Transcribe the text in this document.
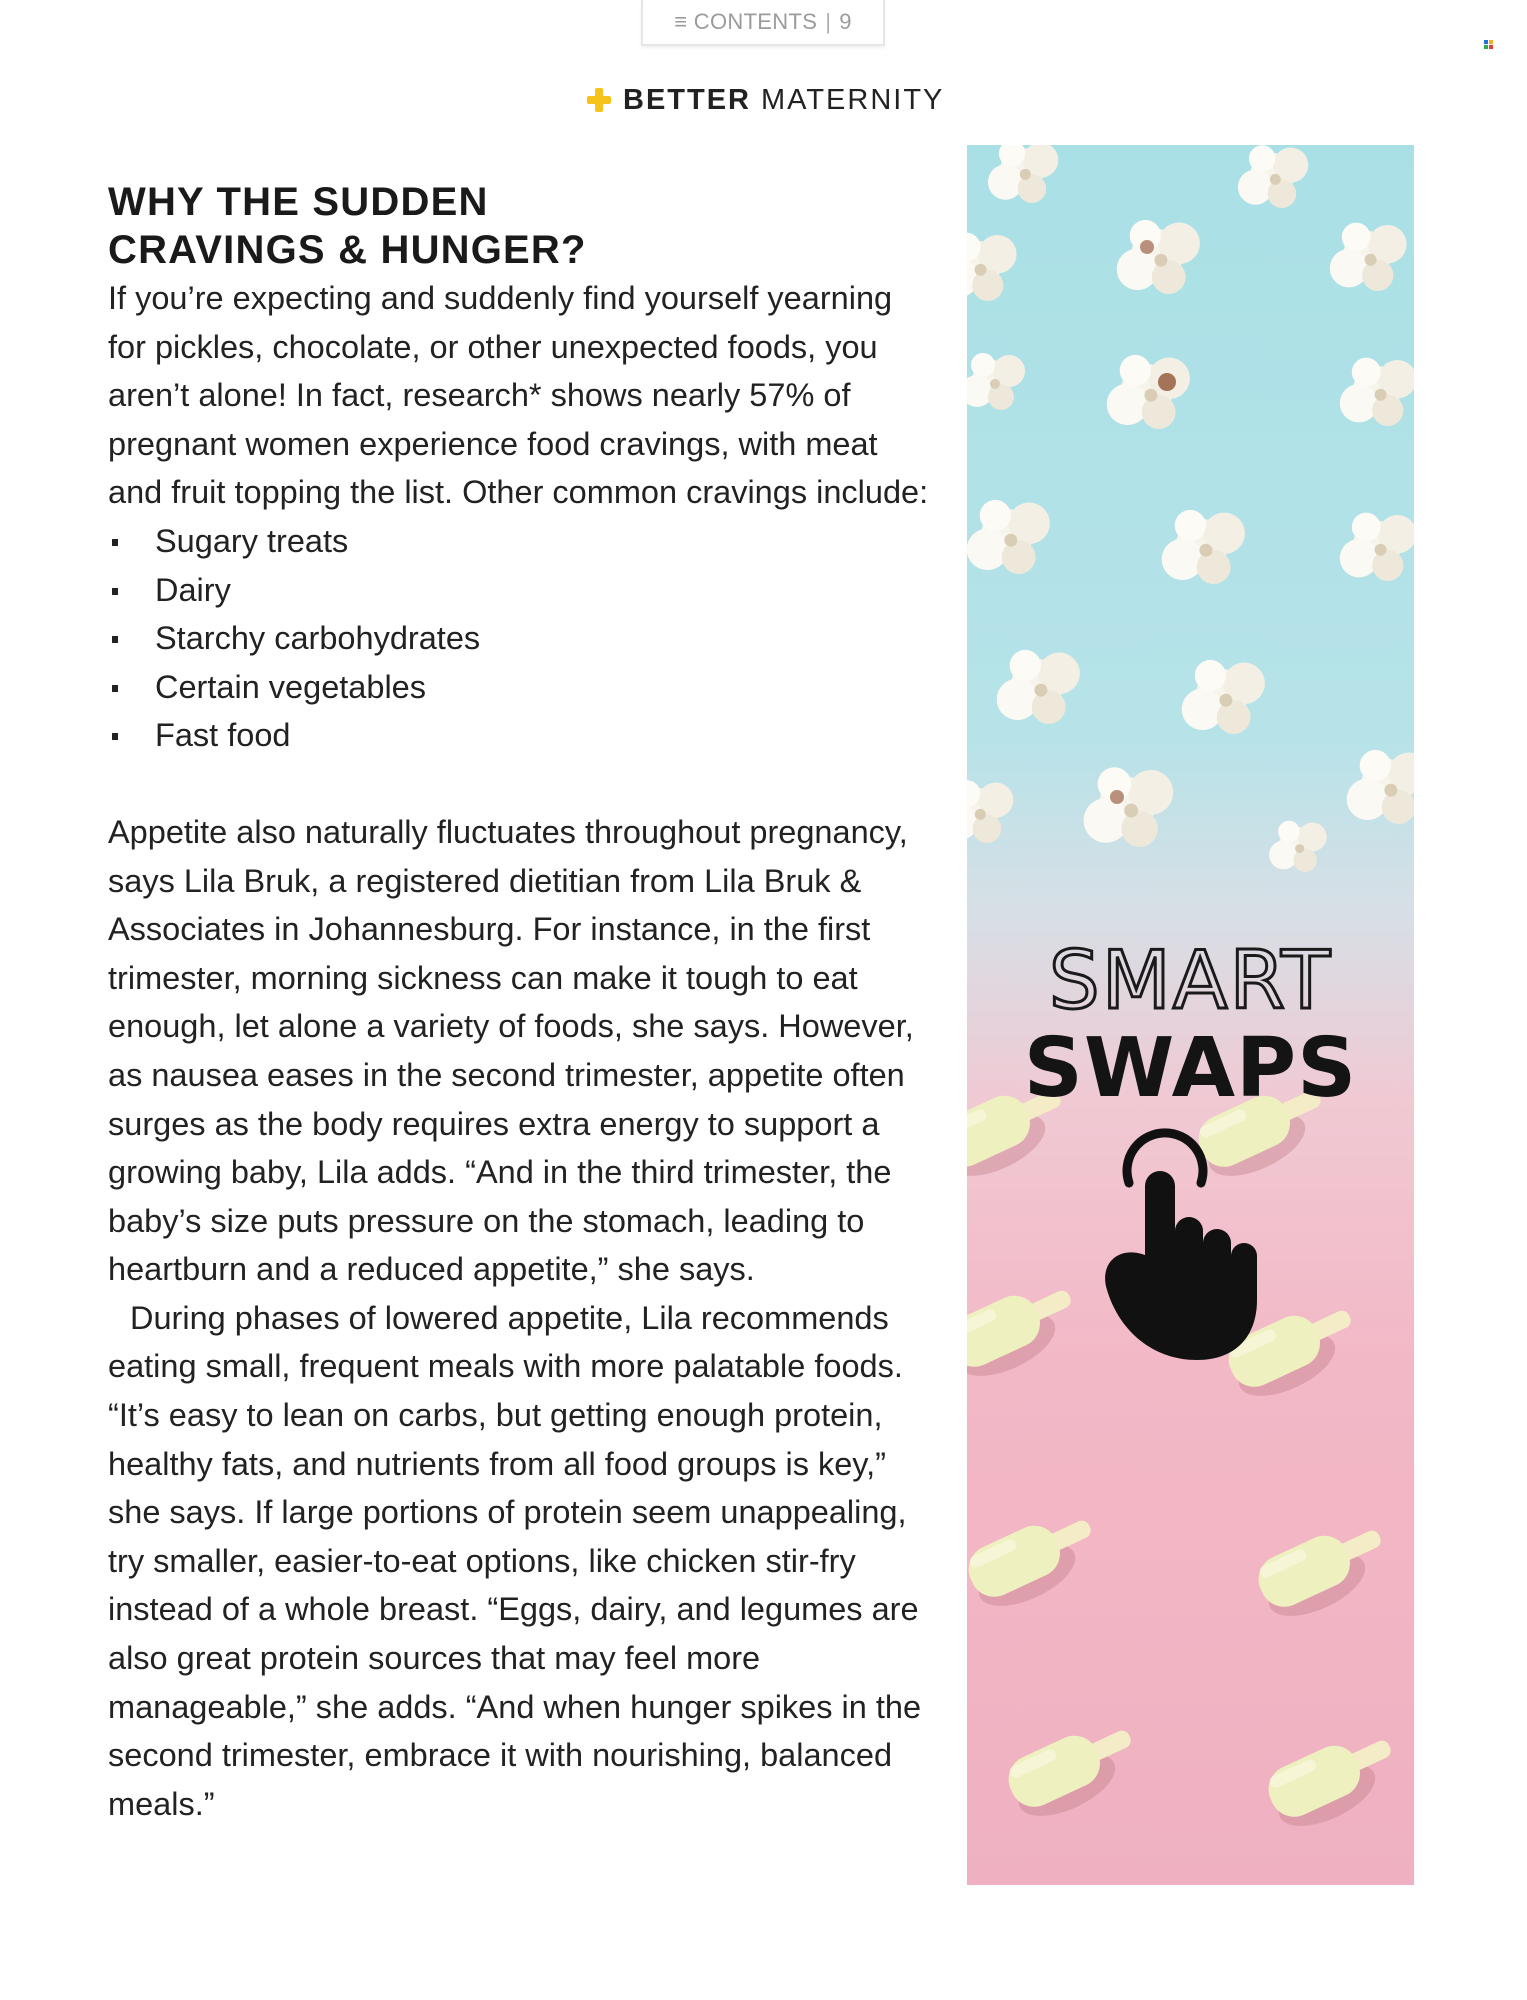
≡ CONTENTS | 9
BETTER MATERNITY
WHY THE SUDDEN
CRAVINGS & HUNGER?

If you’re expecting and suddenly find yourself yearning for pickles, chocolate, or other unexpected foods, you aren’t alone! In fact, research* shows nearly 57% of pregnant women experience food cravings, with meat and fruit topping the list. Other common cravings include:

Sugary treats
Dairy
Starchy carbohydrates
Certain vegetables
Fast food

Appetite also naturally fluctuates throughout pregnancy, says Lila Bruk, a registered dietitian from Lila Bruk & Associates in Johannesburg. For instance, in the first trimester, morning sickness can make it tough to eat enough, let alone a variety of foods, she says. However, as nausea eases in the second trimester, appetite often surges as the body requires extra energy to support a growing baby, Lila adds. “And in the third trimester, the baby’s size puts pressure on the stomach, leading to heartburn and a reduced appetite,” she says.

During phases of lowered appetite, Lila recommends eating small, frequent meals with more palatable foods. “It’s easy to lean on carbs, but getting enough protein, healthy fats, and nutrients from all food groups is key,” she says. If large portions of protein seem unappealing, try smaller, easier-to-eat options, like chicken stir-fry instead of a whole breast. “Eggs, dairy, and legumes are also great protein sources that may feel more manageable,” she adds. “And when hunger spikes in the second trimester, embrace it with nourishing, balanced meals.”

SMART
SWAPS
